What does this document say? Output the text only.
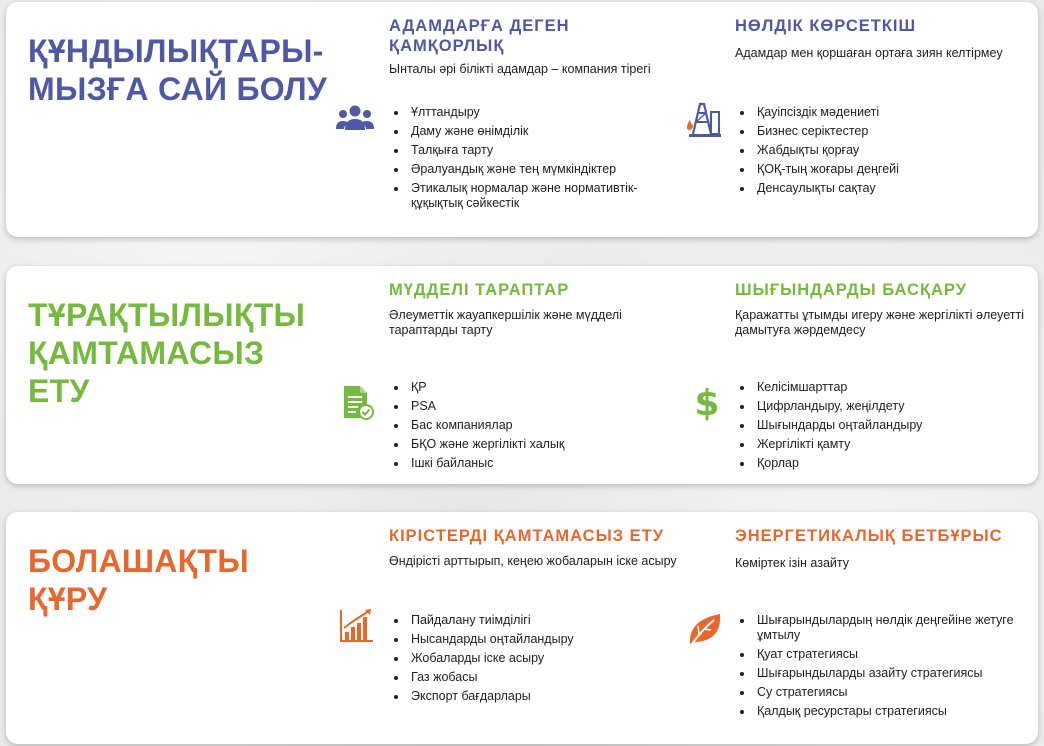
ҚҰНДЫЛЫҚТАРЫ-
МЫЗҒА САЙ БОЛУ
АДАМДАРҒА ДЕГЕН
ҚАМҚОРЛЫҚ
Ынталы әрі білікті адамдар – компания тірегі
Ұлттандыру
Даму және өнімділік
Талқыға тарту
Әралуандық және тең мүмкіндіктер
Этикалық нормалар және нормативтік-құқықтық сәйкестік
НӨЛДІК КӨРСЕТКІШ
Адамдар мен қоршаған ортаға зиян келтірмеу
Қауіпсіздік мәдениеті
Бизнес серіктестер
Жабдықты қорғау
ҚОҚ-тың жоғары деңгейі
Денсаулықты сақтау
ТҰРАҚТЫЛЫҚТЫ
ҚАМТАМАСЫЗ ЕТУ
МҮДДЕЛІ ТАРАПТАР
Әлеуметтік жауапкершілік және мүдделі тараптарды тарту
ҚР
PSA
Бас компаниялар
БҚО және жергілікті халық
Ішкі байланыс
ШЫҒЫНДАРДЫ БАСҚАРУ
Қаражатты ұтымды игеру және жергілікті әлеуетті дамытуға жәрдемдесу
Келісімшарттар
Цифрландыру, жеңілдету
Шығындарды оңтайландыру
Жергілікті қамту
Қорлар
$
БОЛАШАҚТЫ
ҚҰРУ
КІРІСТЕРДІ ҚАМТАМАСЫЗ ЕТУ
Өндірісті арттырып, кеңею жобаларын іске асыру
Пайдалану тиімділігі
Нысандарды оңтайландыру
Жобаларды іске асыру
Газ жобасы
Экспорт бағдарлары
ЭНЕРГЕТИКАЛЫҚ БЕТБҰРЫС
Көміртек ізін азайту
Шығарындылардың нөлдік деңгейіне жетуге ұмтылу
Қуат стратегиясы
Шығарындыларды азайту стратегиясы
Су стратегиясы
Қалдық ресурстары стратегиясы
